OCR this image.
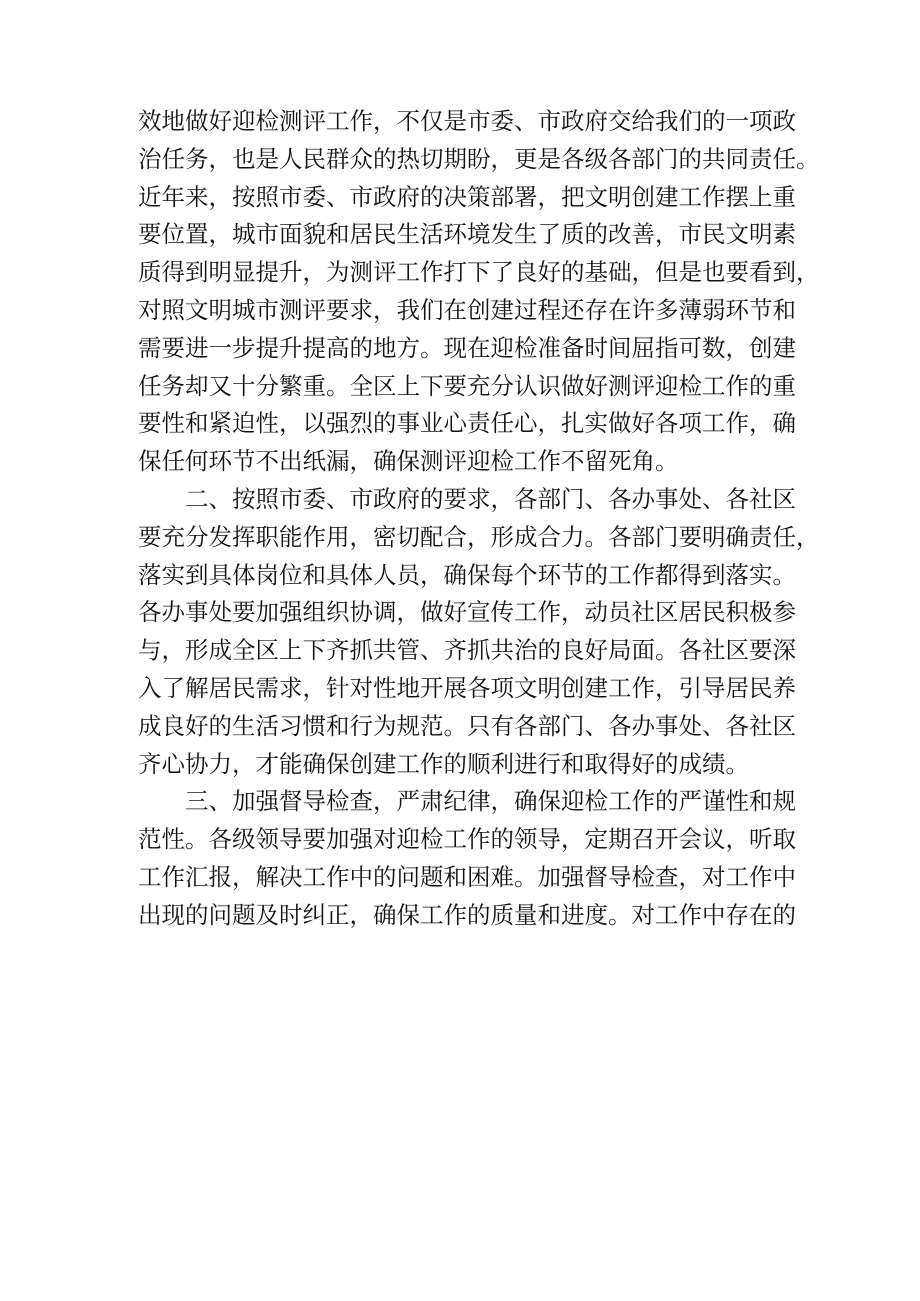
效地做好迎检测评工作，不仅是市委、市政府交给我们的一项政
治任务，也是人民群众的热切期盼，更是各级各部门的共同责任。
近年来，按照市委、市政府的决策部署，把文明创建工作摆上重
要位置，城市面貌和居民生活环境发生了质的改善，市民文明素
质得到明显提升，为测评工作打下了良好的基础，但是也要看到，
对照文明城市测评要求，我们在创建过程还存在许多薄弱环节和
需要进一步提升提高的地方。现在迎检准备时间屈指可数，创建
任务却又十分繁重。全区上下要充分认识做好测评迎检工作的重
要性和紧迫性，以强烈的事业心责任心，扎实做好各项工作，确
保任何环节不出纸漏，确保测评迎检工作不留死角。
　　二、按照市委、市政府的要求，各部门、各办事处、各社区
要充分发挥职能作用，密切配合，形成合力。各部门要明确责任，
落实到具体岗位和具体人员，确保每个环节的工作都得到落实。
各办事处要加强组织协调，做好宣传工作，动员社区居民积极参
与，形成全区上下齐抓共管、齐抓共治的良好局面。各社区要深
入了解居民需求，针对性地开展各项文明创建工作，引导居民养
成良好的生活习惯和行为规范。只有各部门、各办事处、各社区
齐心协力，才能确保创建工作的顺利进行和取得好的成绩。
　　三、加强督导检查，严肃纪律，确保迎检工作的严谨性和规
范性。各级领导要加强对迎检工作的领导，定期召开会议，听取
工作汇报，解决工作中的问题和困难。加强督导检查，对工作中
出现的问题及时纠正，确保工作的质量和进度。对工作中存在的
